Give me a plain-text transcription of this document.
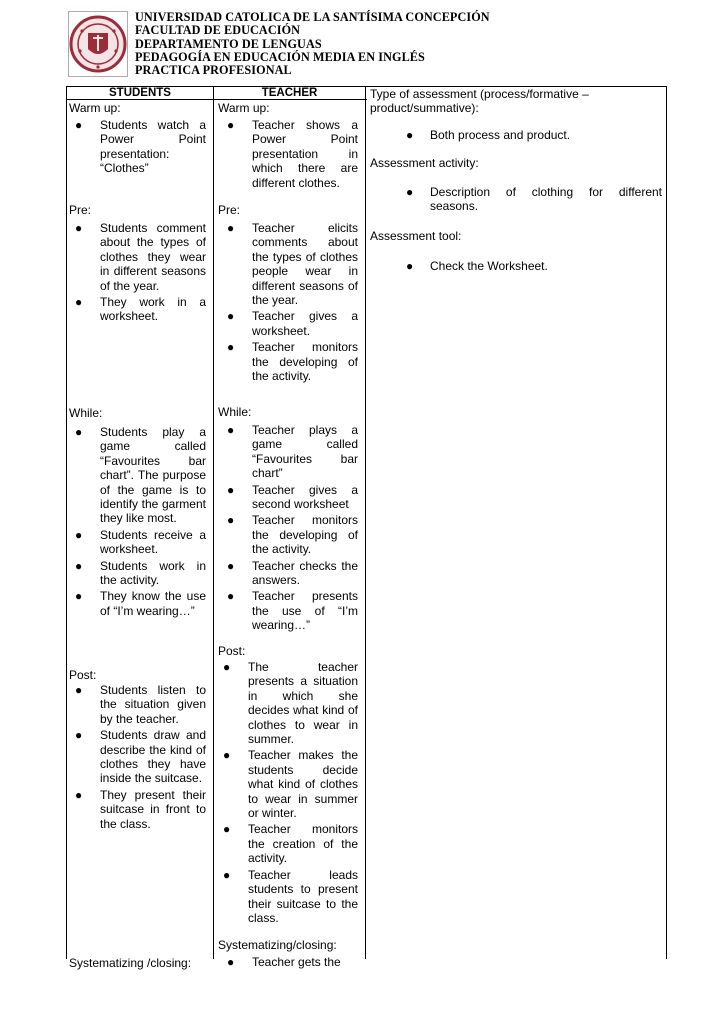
UNIVERSIDAD CATOLICA DE LA SANTÍSIMA CONCEPCIÓN
FACULTAD DE EDUCACIÓN
DEPARTAMENTO DE LENGUAS
PEDAGOGÍA EN EDUCACIÓN MEDIA EN INGLÉS
PRACTICA PROFESIONAL
STUDENTS	TEACHER
Warm up:
● Students watch a Power Point presentation: “Clothes”
Pre:
● Students comment about the types of clothes they wear in different seasons of the year.
● They work in a worksheet.
While:
● Students play a game called “Favourites bar chart”. The purpose of the game is to identify the garment they like most.
● Students receive a worksheet.
● Students work in the activity.
● They know the use of “I’m wearing…”
Post:
● Students listen to the situation given by the teacher.
● Students draw and describe the kind of clothes they have inside the suitcase.
● They present their suitcase in front to the class.
Systematizing /closing:
Warm up:
● Teacher shows a Power Point presentation in which there are different clothes.
Pre:
● Teacher elicits comments about the types of clothes people wear in different seasons of the year.
● Teacher gives a worksheet.
● Teacher monitors the developing of the activity.
While:
● Teacher plays a game called “Favourites bar chart”
● Teacher gives a second worksheet
● Teacher monitors the developing of the activity.
● Teacher checks the answers.
● Teacher presents the use of “I’m wearing…”
Post:
● The teacher presents a situation in which she decides what kind of clothes to wear in summer.
● Teacher makes the students decide what kind of clothes to wear in summer or winter.
● Teacher monitors the creation of the activity.
● Teacher leads students to present their suitcase to the class.
Systematizing/closing:
● Teacher gets the
Type of assessment (process/formative – product/summative):
● Both process and product.
Assessment activity:
● Description of clothing for different seasons.
Assessment tool:
● Check the Worksheet.
